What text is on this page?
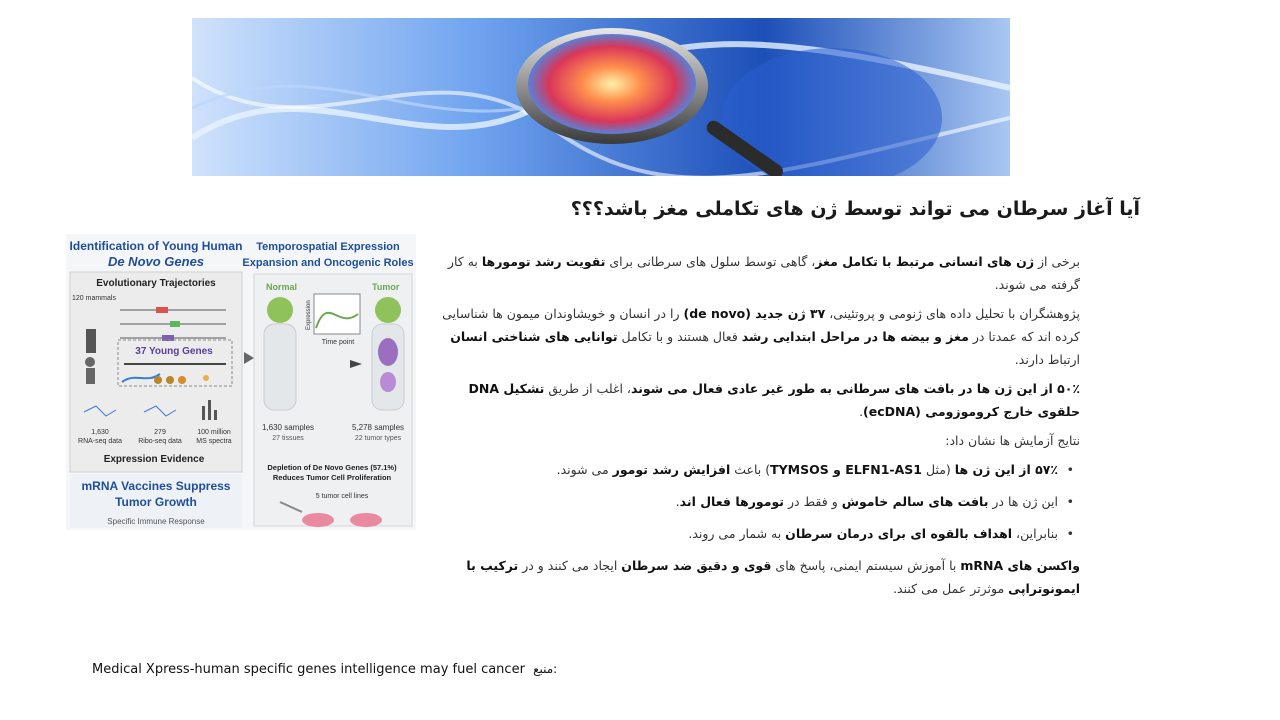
آیا آغاز سرطان می تواند توسط ژن های تکاملی مغز باشد؟؟؟
Identification of Young Human
De Novo Genes
Temporospatial Expression
Expansion and Oncogenic Roles
Evolutionary Trajectories
120 mammals
37 Young Genes
1,630
RNA-seq data
279
Ribo-seq data
100 million
MS spectra
Expression Evidence
mRNA Vaccines Suppress
Tumor Growth
Specific Immune Response
Normal	Tumor
Expression
Time point
1,630 samples
27 tissues
5,278 samples
22 tumor types
Depletion of De Novo Genes (57.1%)
Reduces Tumor Cell Proliferation
5 tumor cell lines

برخی از ژن های انسانی مرتبط با تکامل مغز، گاهی توسط سلول های سرطانی برای تقویت رشد تومورها به کار گرفته می شوند.

پژوهشگران با تحلیل داده های ژنومی و پروتئینی، ۳۷ ژن جدید (de novo) را در انسان و خویشاوندان میمون ها شناسایی کرده اند که عمدتا در مغز و بیضه ها در مراحل ابتدایی رشد فعال هستند و با تکامل توانایی های شناختی انسان ارتباط دارند.

۵۰٪ از این ژن ها در بافت های سرطانی به طور غیر عادی فعال می شوند، اغلب از طریق تشکیل DNA حلقوی خارج کروموزومی (ecDNA).

نتایج آزمایش ها نشان داد:

• ۵۷٪ از این ژن ها (مثل ELFN1-AS1 و TYMSOS) باعث افزایش رشد تومور می شوند.
• این ژن ها در بافت های سالم خاموش و فقط در تومورها فعال اند.
• بنابراین، اهداف بالقوه ای برای درمان سرطان به شمار می روند.

واکسن های mRNA با آموزش سیستم ایمنی، پاسخ های قوی و دقیق ضد سرطان ایجاد می کنند و در ترکیب با ایمونوتراپی موثرتر عمل می کنند.

Medical Xpress-human specific genes intelligence may fuel cancer منبع:
